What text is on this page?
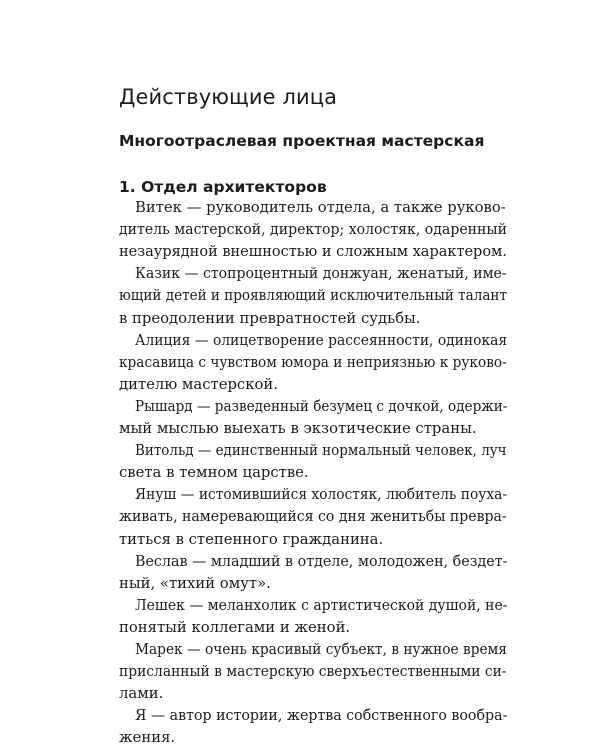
Действующие лица
Многоотраслевая проектная мастерская
1. Отдел архитекторов

Витек — руководитель отдела, а также руково-

дитель мастерской, директор; холостяк, одаренный

незаурядной внешностью и сложным характером.

Казик — стопроцентный донжуан, женатый, име-

ющий детей и проявляющий исключительный талант

в преодолении превратностей судьбы.

Алиция — олицетворение рассеянности, одинокая

красавица с чувством юмора и неприязнью к руково-

дителю мастерской.

Рышард — разведенный безумец с дочкой, одержи-

мый мыслью выехать в экзотические страны.

Витольд — единственный нормальный человек, луч

света в темном царстве.

Януш — истомившийся холостяк, любитель поуха-

живать, намеревающийся со дня женитьбы превра-

титься в степенного гражданина.

Веслав — младший в отделе, молодожен, бездет-

ный, «тихий омут».

Лешек — меланхолик с артистической душой, не-

понятый коллегами и женой.

Марек — очень красивый субъект, в нужное время

присланный в мастерскую сверхъестественными си-

лами.

Я — автор истории, жертва собственного вообра-

жения.
